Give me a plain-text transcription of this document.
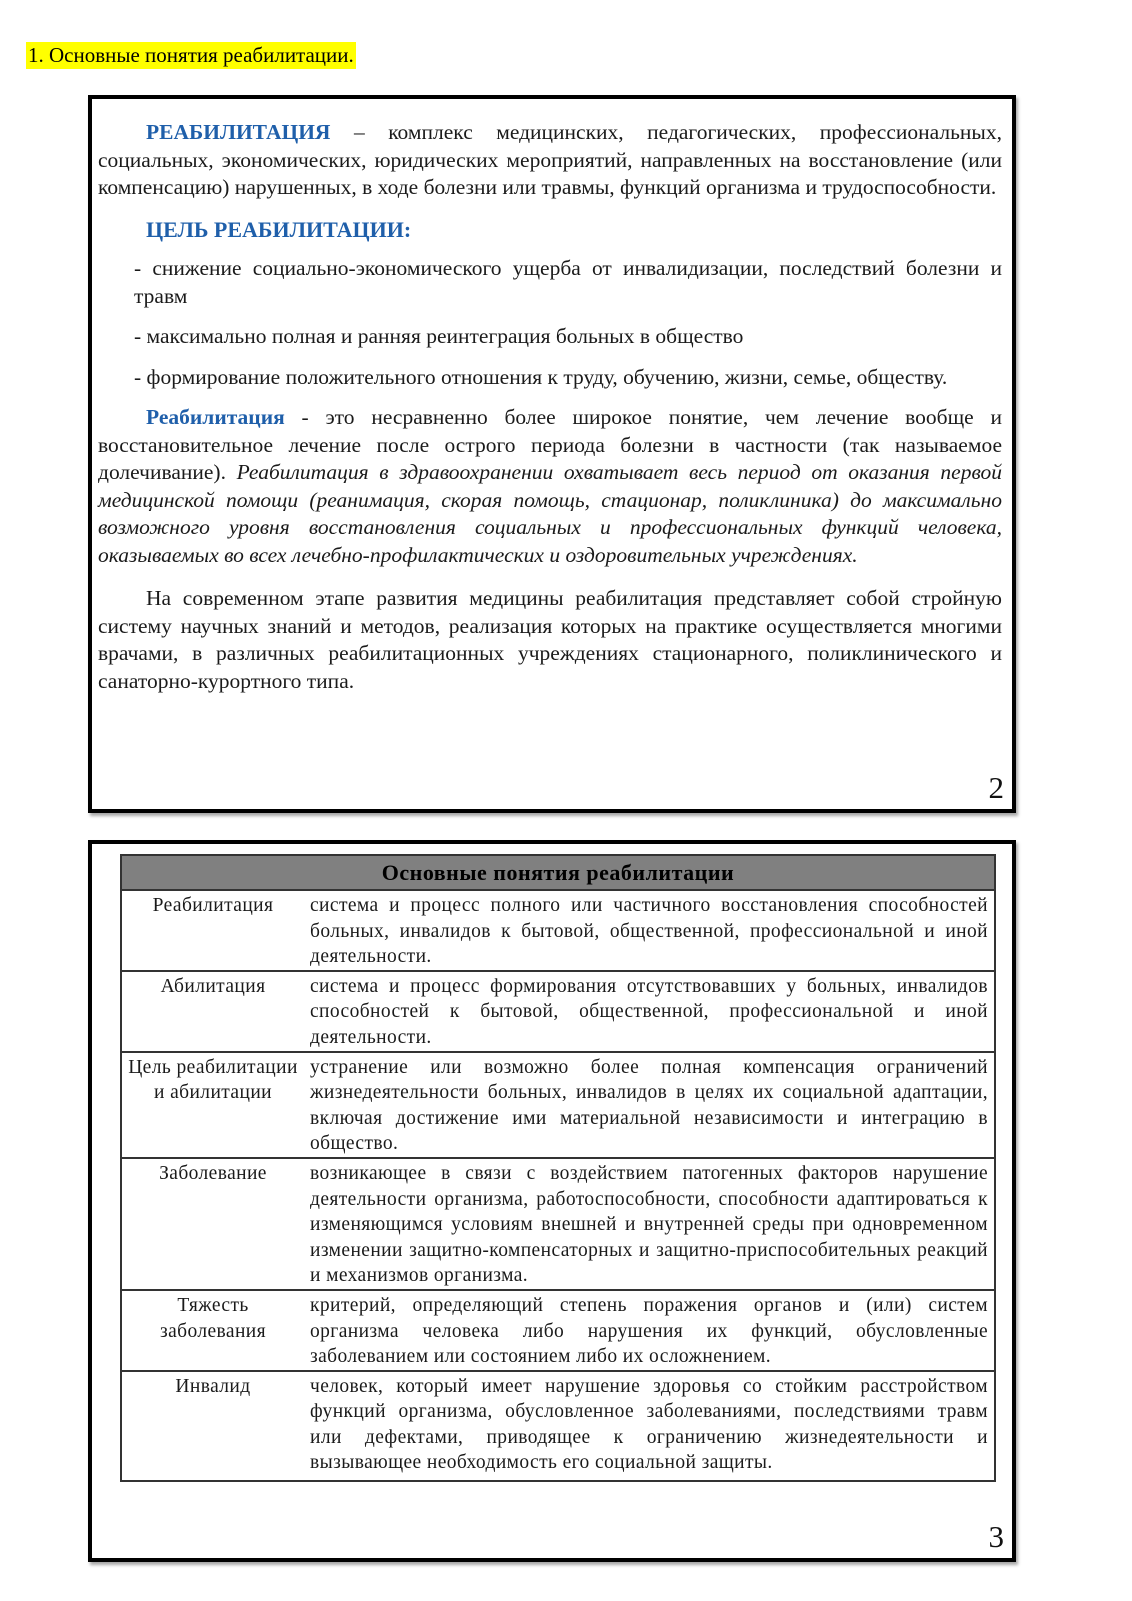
1. Основные понятия реабилитации.

РЕАБИЛИТАЦИЯ – комплекс медицинских, педагогических, профессиональных, социальных, экономических, юридических мероприятий, направленных на восстановление (или компенсацию) нарушенных, в ходе болезни или травмы, функций организма и трудоспособности.

ЦЕЛЬ РЕАБИЛИТАЦИИ:

- снижение социально-экономического ущерба от инвалидизации, последствий болезни и травм

- максимально полная и ранняя реинтеграция больных в общество

- формирование положительного отношения к труду, обучению, жизни, семье, обществу.

Реабилитация - это несравненно более широкое понятие, чем лечение вообще и восстановительное лечение после острого периода болезни в частности (так называемое долечивание). Реабилитация в здравоохранении охватывает весь период от оказания первой медицинской помощи (реанимация, скорая помощь, стационар, поликлиника) до максимально возможного уровня восстановления социальных и профессиональных функций человека, оказываемых во всех лечебно-профилактических и оздоровительных учреждениях.

На современном этапе развития медицины реабилитация представляет собой стройную систему научных знаний и методов, реализация которых на практике осуществляется многими врачами, в различных реабилитационных учреждениях стационарного, поликлинического и санаторно-курортного типа.

2
Основные понятия реабилитации	
Реабилитация	система и процесс полного или частичного восстановления способностей больных, инвалидов к бытовой, общественной, профессиональной и иной деятельности.
Абилитация	система и процесс формирования отсутствовавших у больных, инвалидов способностей к бытовой, общественной, профессиональной и иной деятельности.
Цель реабилитации и абилитации	устранение или возможно более полная компенсация ограничений жизнедеятельности больных, инвалидов в целях их социальной адаптации, включая достижение ими материальной независимости и интеграцию в общество.
Заболевание	возникающее в связи с воздействием патогенных факторов нарушение деятельности организма, работоспособности, способности адаптироваться к изменяющимся условиям внешней и внутренней среды при одновременном изменении защитно-компенсаторных и защитно-приспособительных реакций и механизмов организма.
Тяжесть заболевания	критерий, определяющий степень поражения органов и (или) систем организма человека либо нарушения их функций, обусловленные заболеванием или состоянием либо их осложнением.
Инвалид	человек, который имеет нарушение здоровья со стойким расстройством функций организма, обусловленное заболеваниями, последствиями травм или дефектами, приводящее к ограничению жизнедеятельности и вызывающее необходимость его социальной защиты.
3
